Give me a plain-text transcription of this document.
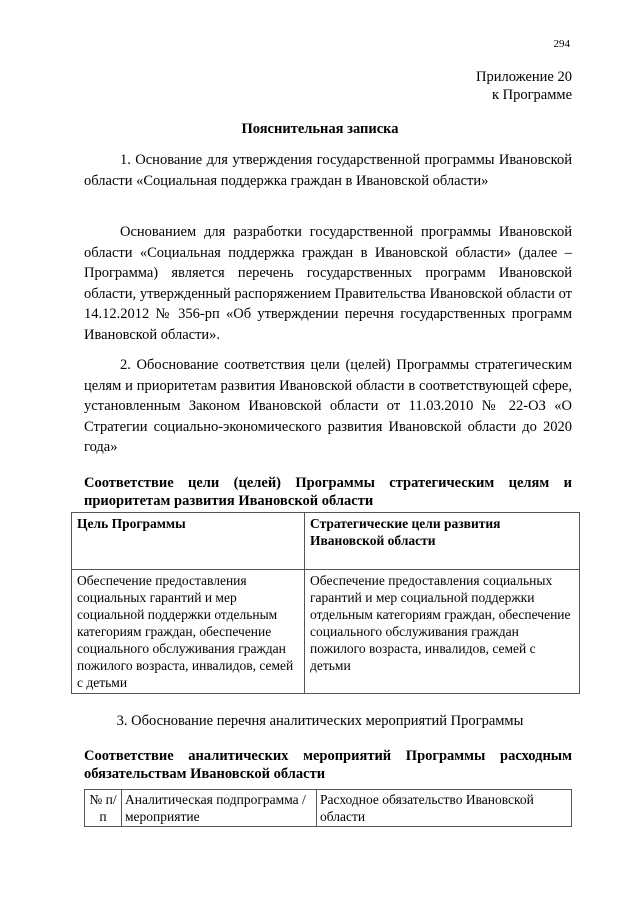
294
Приложение 20
к Программе
Пояснительная записка
1. Основание для утверждения государственной программы Ивановской области «Социальная поддержка граждан в Ивановской области»
Основанием для разработки государственной программы Ивановской области «Социальная поддержка граждан в Ивановской области» (далее – Программа) является перечень государственных программ Ивановской области, утвержденный распоряжением Правительства Ивановской области от 14.12.2012 № 356-рп «Об утверждении перечня государственных программ Ивановской области».
2. Обоснование соответствия цели (целей) Программы стратегическим целям и приоритетам развития Ивановской области в соответствующей сфере, установленным Законом Ивановской области от 11.03.2010 № 22-ОЗ «О Стратегии социально-экономического развития Ивановской области до 2020 года»
Соответствие цели (целей) Программы стратегическим целям и приоритетам развития Ивановской области
Цель Программы	Стратегические цели развития Ивановской области
Обеспечение предоставления социальных гарантий и мер социальной поддержки отдельным категориям граждан, обеспечение социального обслуживания граждан пожилого возраста, инвалидов, семей с детьми	Обеспечение предоставления социальных гарантий и мер социальной поддержки отдельным категориям граждан, обеспечение социального обслуживания граждан пожилого возраста, инвалидов, семей с детьми
3. Обоснование перечня аналитических мероприятий Программы
Соответствие аналитических мероприятий Программы расходным обязательствам Ивановской области
№ п/п	Аналитическая подпрограмма / мероприятие	Расходное обязательство Ивановской области
